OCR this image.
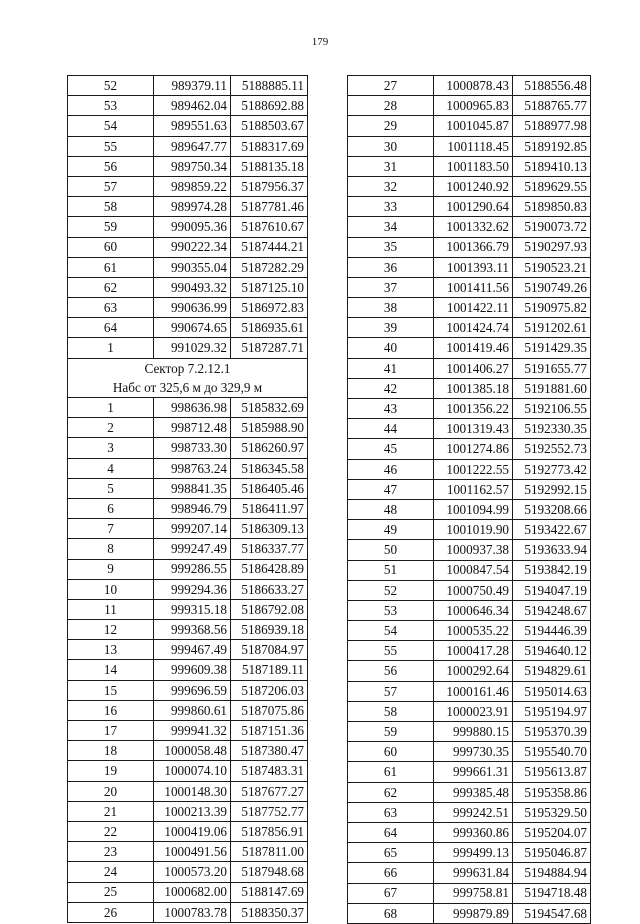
179
52	989379.11	5188885.11
53	989462.04	5188692.88
54	989551.63	5188503.67
55	989647.77	5188317.69
56	989750.34	5188135.18
57	989859.22	5187956.37
58	989974.28	5187781.46
59	990095.36	5187610.67
60	990222.34	5187444.21
61	990355.04	5187282.29
62	990493.32	5187125.10
63	990636.99	5186972.83
64	990674.65	5186935.61
1	991029.32	5187287.71
Сектор 7.2.12.1		
Набс от 325,6 м до 329,9 м		
1	998636.98	5185832.69
2	998712.48	5185988.90
3	998733.30	5186260.97
4	998763.24	5186345.58
5	998841.35	5186405.46
6	998946.79	5186411.97
7	999207.14	5186309.13
8	999247.49	5186337.77
9	999286.55	5186428.89
10	999294.36	5186633.27
11	999315.18	5186792.08
12	999368.56	5186939.18
13	999467.49	5187084.97
14	999609.38	5187189.11
15	999696.59	5187206.03
16	999860.61	5187075.86
17	999941.32	5187151.36
18	1000058.48	5187380.47
19	1000074.10	5187483.31
20	1000148.30	5187677.27
21	1000213.39	5187752.77
22	1000419.06	5187856.91
23	1000491.56	5187811.00
24	1000573.20	5187948.68
25	1000682.00	5188147.69
26	1000783.78	5188350.37
27	1000878.43	5188556.48
28	1000965.83	5188765.77
29	1001045.87	5188977.98
30	1001118.45	5189192.85
31	1001183.50	5189410.13
32	1001240.92	5189629.55
33	1001290.64	5189850.83
34	1001332.62	5190073.72
35	1001366.79	5190297.93
36	1001393.11	5190523.21
37	1001411.56	5190749.26
38	1001422.11	5190975.82
39	1001424.74	5191202.61
40	1001419.46	5191429.35
41	1001406.27	5191655.77
42	1001385.18	5191881.60
43	1001356.22	5192106.55
44	1001319.43	5192330.35
45	1001274.86	5192552.73
46	1001222.55	5192773.42
47	1001162.57	5192992.15
48	1001094.99	5193208.66
49	1001019.90	5193422.67
50	1000937.38	5193633.94
51	1000847.54	5193842.19
52	1000750.49	5194047.19
53	1000646.34	5194248.67
54	1000535.22	5194446.39
55	1000417.28	5194640.12
56	1000292.64	5194829.61
57	1000161.46	5195014.63
58	1000023.91	5195194.97
59	999880.15	5195370.39
60	999730.35	5195540.70
61	999661.31	5195613.87
62	999385.48	5195358.86
63	999242.51	5195329.50
64	999360.86	5195204.07
65	999499.13	5195046.87
66	999631.84	5194884.94
67	999758.81	5194718.48
68	999879.89	5194547.68
